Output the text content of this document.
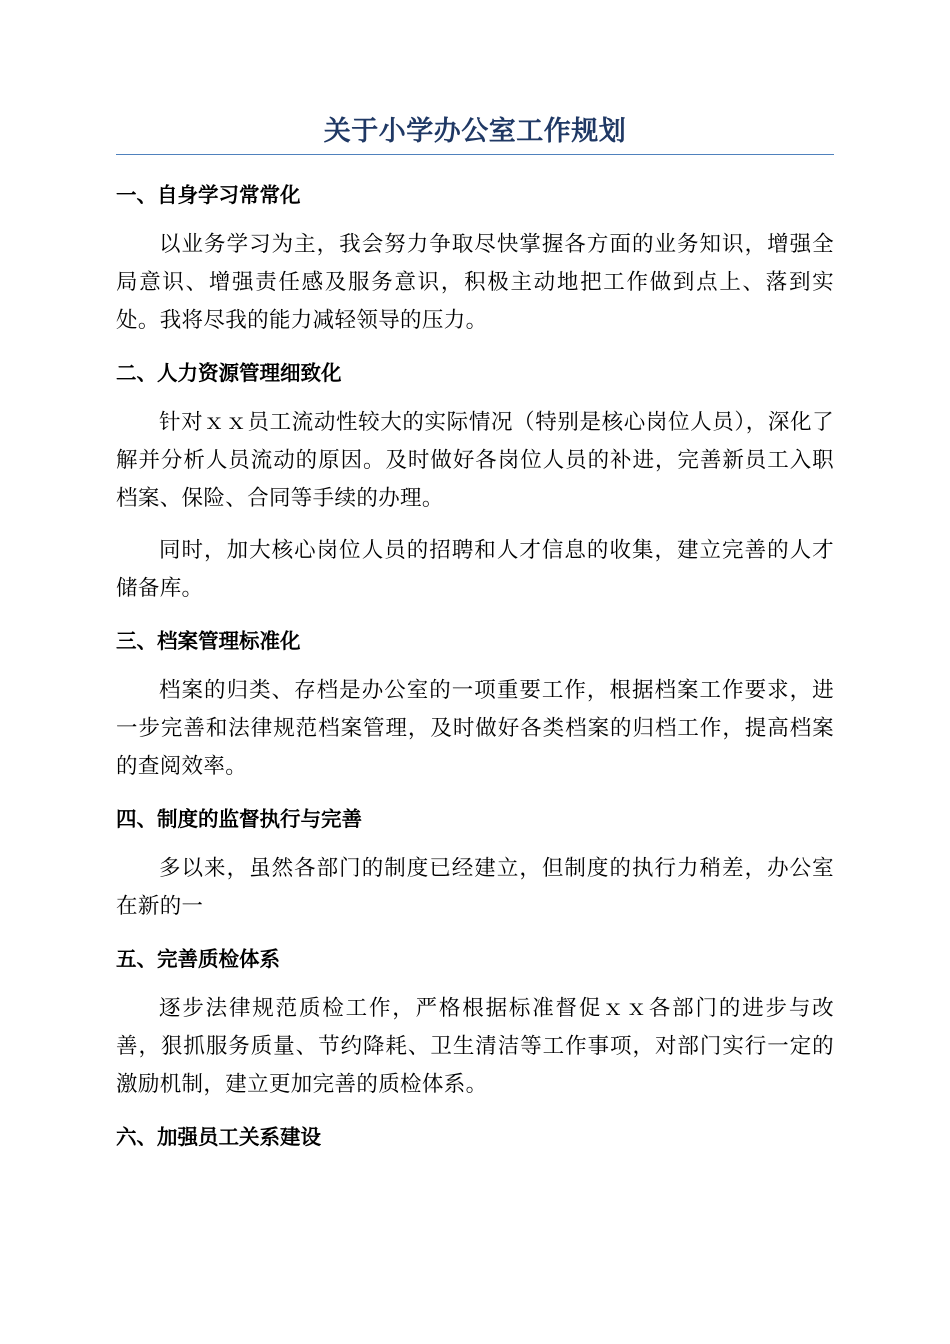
关于小学办公室工作规划

一、自身学习常常化

以业务学习为主，我会努力争取尽快掌握各方面的业务知识，增强全局意识、增强责任感及服务意识，积极主动地把工作做到点上、落到实处。我将尽我的能力减轻领导的压力。

二、人力资源管理细致化

针对ｘｘ员工流动性较大的实际情况（特别是核心岗位人员），深化了解并分析人员流动的原因。及时做好各岗位人员的补进，完善新员工入职档案、保险、合同等手续的办理。

同时，加大核心岗位人员的招聘和人才信息的收集，建立完善的人才储备库。

三、档案管理标准化

档案的归类、存档是办公室的一项重要工作，根据档案工作要求，进一步完善和法律规范档案管理，及时做好各类档案的归档工作，提高档案的查阅效率。

四、制度的监督执行与完善

多以来，虽然各部门的制度已经建立，但制度的执行力稍差，办公室在新的一

五、完善质检体系

逐步法律规范质检工作，严格根据标准督促ｘｘ各部门的进步与改善，狠抓服务质量、节约降耗、卫生清洁等工作事项，对部门实行一定的激励机制，建立更加完善的质检体系。

六、加强员工关系建设
